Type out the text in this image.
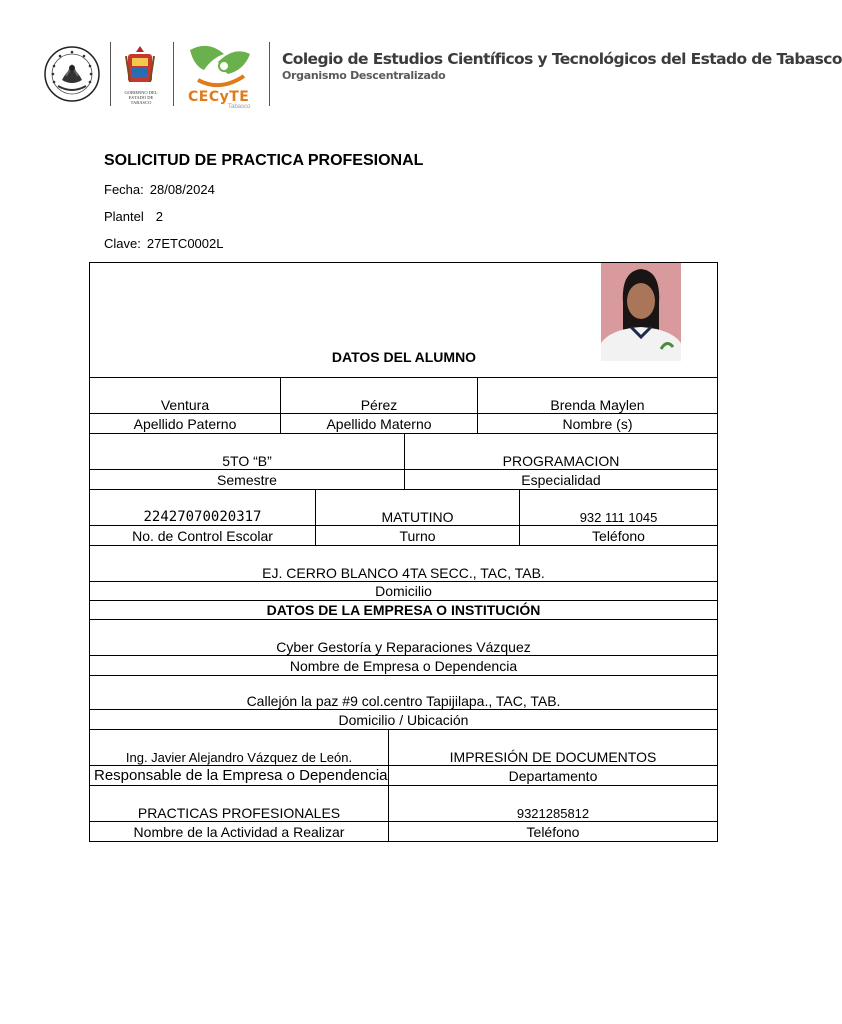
GOBIERNO DEL
ESTADO DE
TABASCO	CECyTE
Tabasco
Colegio de Estudios Científicos y Tecnológicos del Estado de Tabasco
Organismo Descentralizado
SOLICITUD DE PRACTICA PROFESIONAL
Fecha: 28/08/2024
Plantel 2
Clave: 27ETC0002L
DATOS DEL ALUMNO						

Ventura	Pérez				Brenda Maylen	
Apellido Paterno	Apellido Materno				Nombre (s)	
5TO “B”				PROGRAMACION		
Semestre				Especialidad		
22427070020317		MATUTINO				932 111 1045
No. de Control Escolar		Turno				Teléfono
EJ. CERRO BLANCO 4TA SECC., TAC, TAB.						
Domicilio						
DATOS DE LA EMPRESA O INSTITUCIÓN						
Cyber Gestoría y Reparaciones Vázquez						
Nombre de Empresa o Dependencia						
Callejón la paz #9 col.centro Tapijilapa., TAC, TAB.						
Domicilio / Ubicación						
Ing. Javier Alejandro Vázquez de León.			IMPRESIÓN DE DOCUMENTOS			
Responsable de la Empresa o Dependencia			Departamento			
PRACTICAS PROFESIONALES			9321285812			
Nombre de la Actividad a Realizar			Teléfono			
